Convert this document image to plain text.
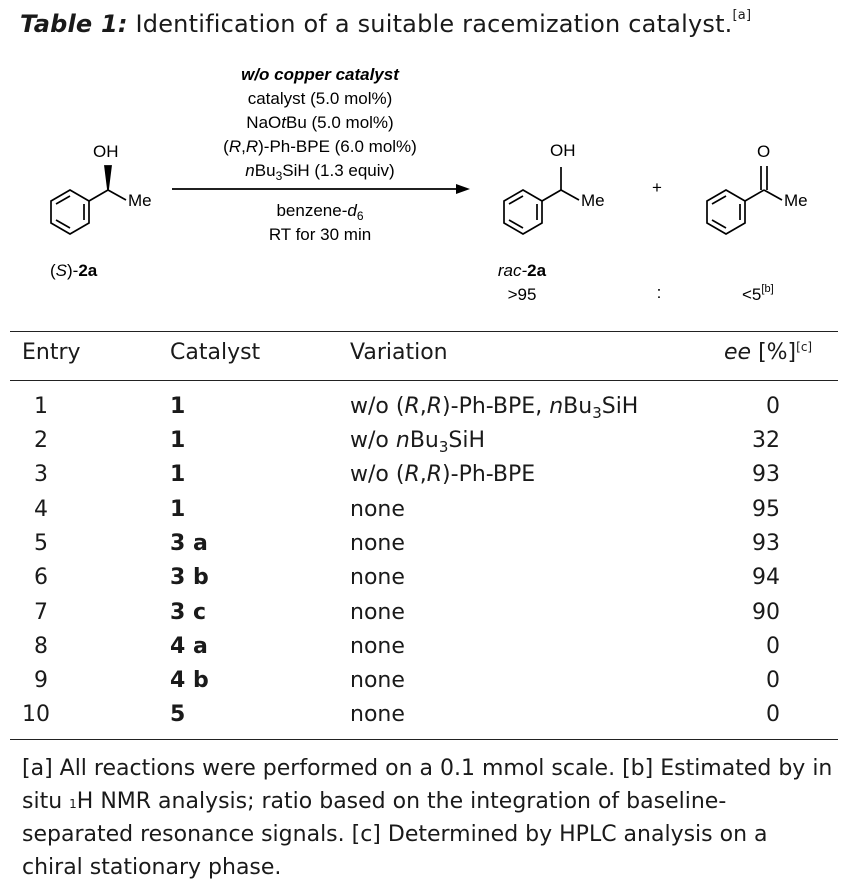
Table 1: Identification of a suitable racemization catalyst.[a]
OH
Me
(S)-2a
w/o copper catalyst
catalyst (5.0 mol%)
NaOtBu (5.0 mol%)
(R,R)-Ph-BPE (6.0 mol%)
nBu$_3$SiH (1.3 equiv)
benzene-$d_6$
RT for 30 min
OH
Me
rac-2a
>95
+
:
O
Me
<5[b]
Entry	Catalyst	Variation	ee [%][c]
1	1	w/o (R,R)-Ph-BPE, nBu$_3$SiH	0
2	1	w/o nBu$_3$SiH	32
3	1	w/o (R,R)-Ph-BPE	93
4	1	none	95
5	3 a	none	93
6	3 b	none	94
7	3 c	none	90
8	4 a	none	0
9	4 b	none	0
10	5	none	0
[a] All reactions were performed on a 0.1 mmol scale. [b] Estimated by in situ $^1$H NMR analysis; ratio based on the integration of baseline-separated resonance signals. [c] Determined by HPLC analysis on a chiral stationary phase.
